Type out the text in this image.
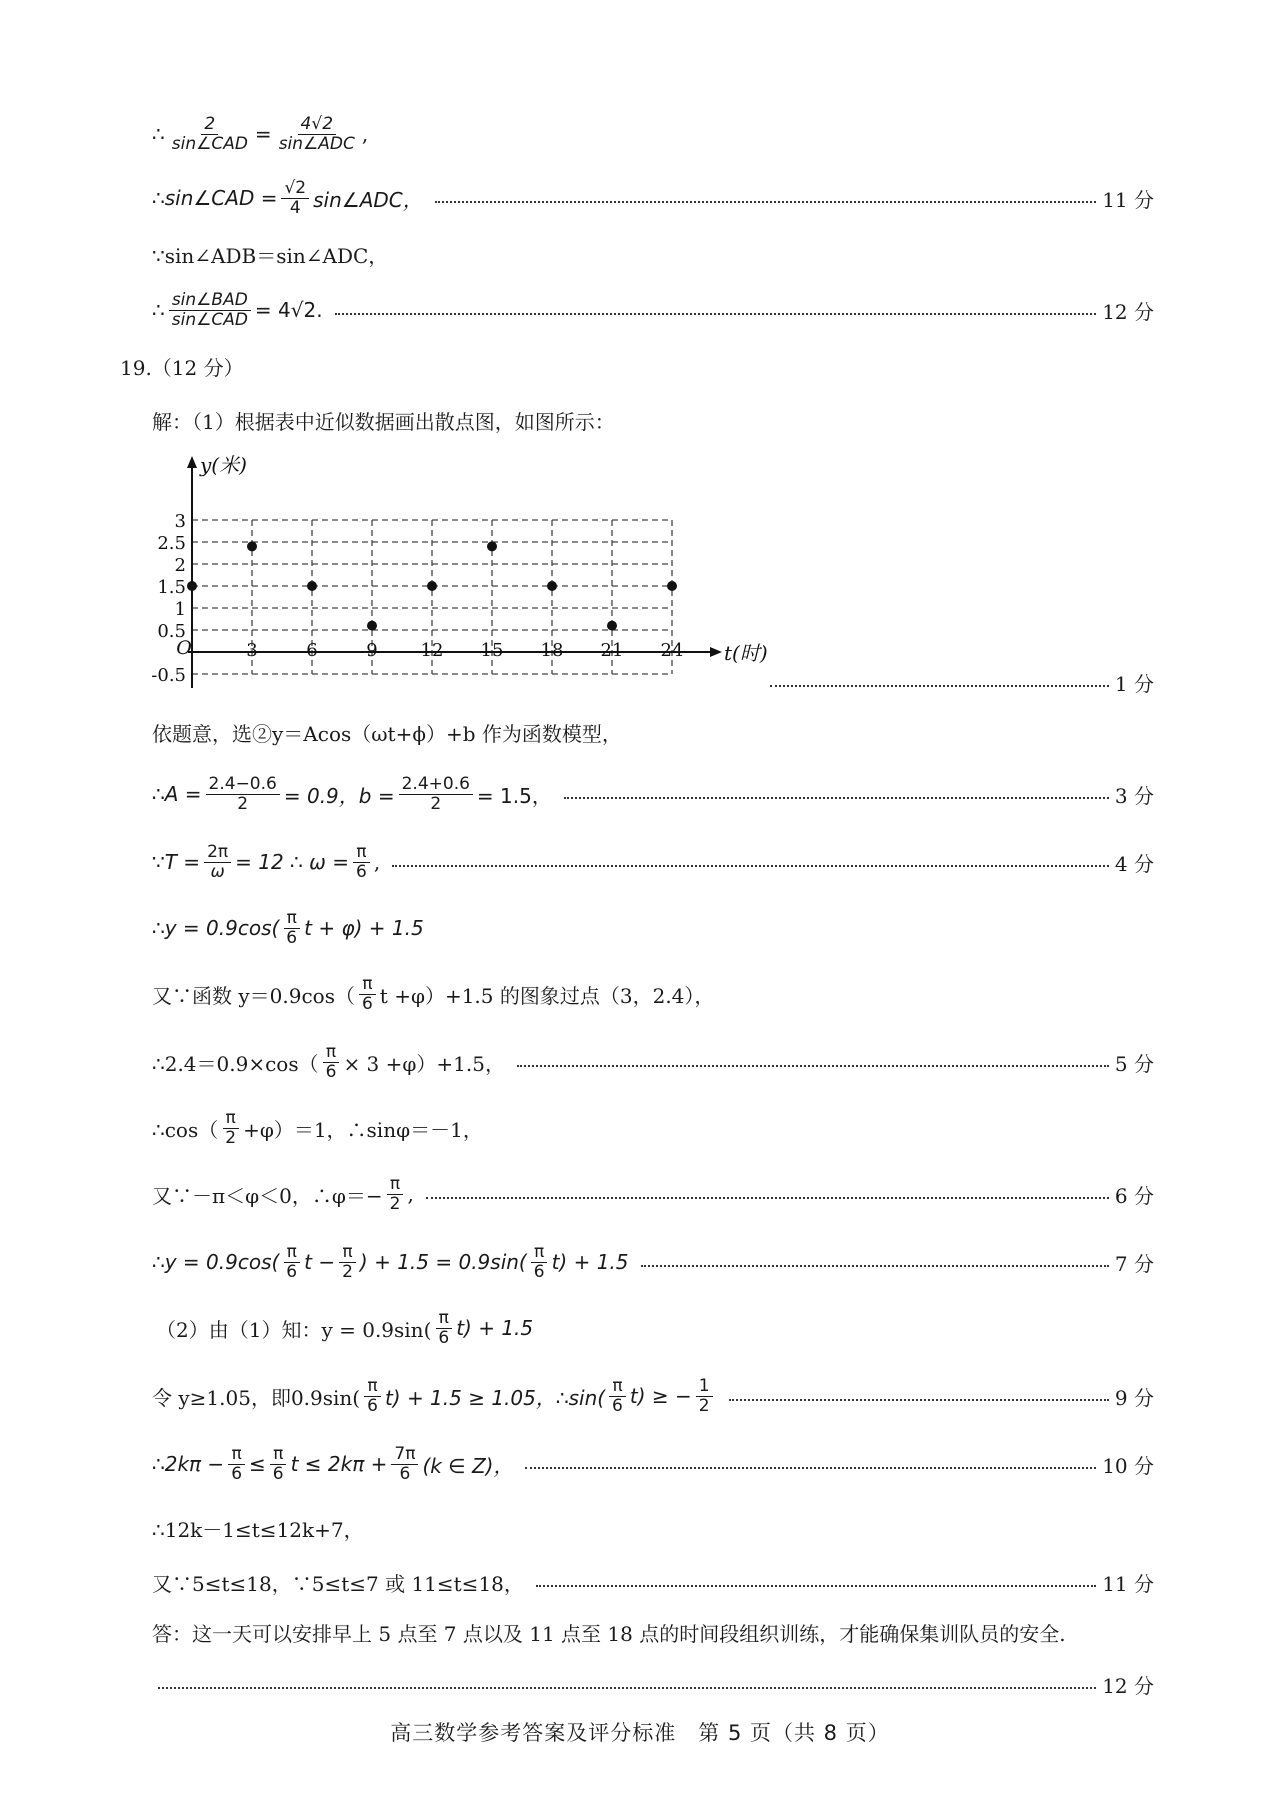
∴ $\frac{2}{\text{sin∠CAD}} = \frac{4√2}{\text{sin∠ADC}}$ ,
∴sin∠CAD = $\frac{√2}{4}$ sin∠ADC，	11 分
∵sin∠ADB＝sin∠ADC，
∴ $\frac{\text{sin∠BAD}}{\text{sin∠CAD}} = 4√2$.	12 分
19.（12 分）
解：（1）根据表中近似数据画出散点图，如图所示：
y(米)
t(时)
O
3
2.5
2
1.5
1
0.5
-0.5
3	6	9 12 15 18 21 24
1 分
依题意，选②y＝Acos（ωt+ϕ）+b 作为函数模型，
∴A = $\frac{2.4-0.6}{2} = 0.9$，$b = \frac{2.4+0.6}{2} = 1.5$，	3 分
∵T = $\frac{2\pi}{\omega} = 12$ ∴ $\omega = \frac{\pi}{6}$ ,	4 分
∴y = $0.9\cos( \frac{\pi}{6}$ t + φ) + 1.5
又∵函数 $y=0.9\cos( \frac{\pi}{6}$ t +φ）+1.5 的图象过点（3，2.4），
∴2.4＝0.9×cos（ $\frac{\pi}{6} \times 3 +\varphi)+1.5$，	5 分
∴cos（ $\frac{\pi}{2} +\varphi)=1$，∴sinφ＝－1，
又∵－π＜φ＜0，∴φ＝− $\frac{\pi}{2}$ ,	6 分
∴y = $0.9\cos( \frac{\pi}{6}$ $t - \frac{\pi}{2}$ ) + $1.5 = 0.9\sin( \frac{\pi}{6} t) + 1.5$	7 分
（2）由（1）知：$y = 0.9\sin( \frac{\pi}{6} t) + 1.5$
令 y≥1.05，即$0.9\sin( \frac{\pi}{6} t) + 1.5 \ge 1.05$，∴sin( $\frac{\pi}{6} t$) ≥ − $\frac{1}{2}$	9 分
∴2kπ − $\frac{\pi}{6} \le \frac{\pi}{6}$ $t \le 2k\pi + \frac{7\pi}{6} (k$ ∈ Z)，	10 分
∴12k－1≤t≤12k+7，
又∵5≤t≤18，∵5≤t≤7 或 11≤t≤18，	11 分
答：这一天可以安排早上 5 点至 7 点以及 11 点至 18 点的时间段组织训练，才能确保集训队员的安全.
12 分
高三数学参考答案及评分标准　第 5 页（共 8 页）
